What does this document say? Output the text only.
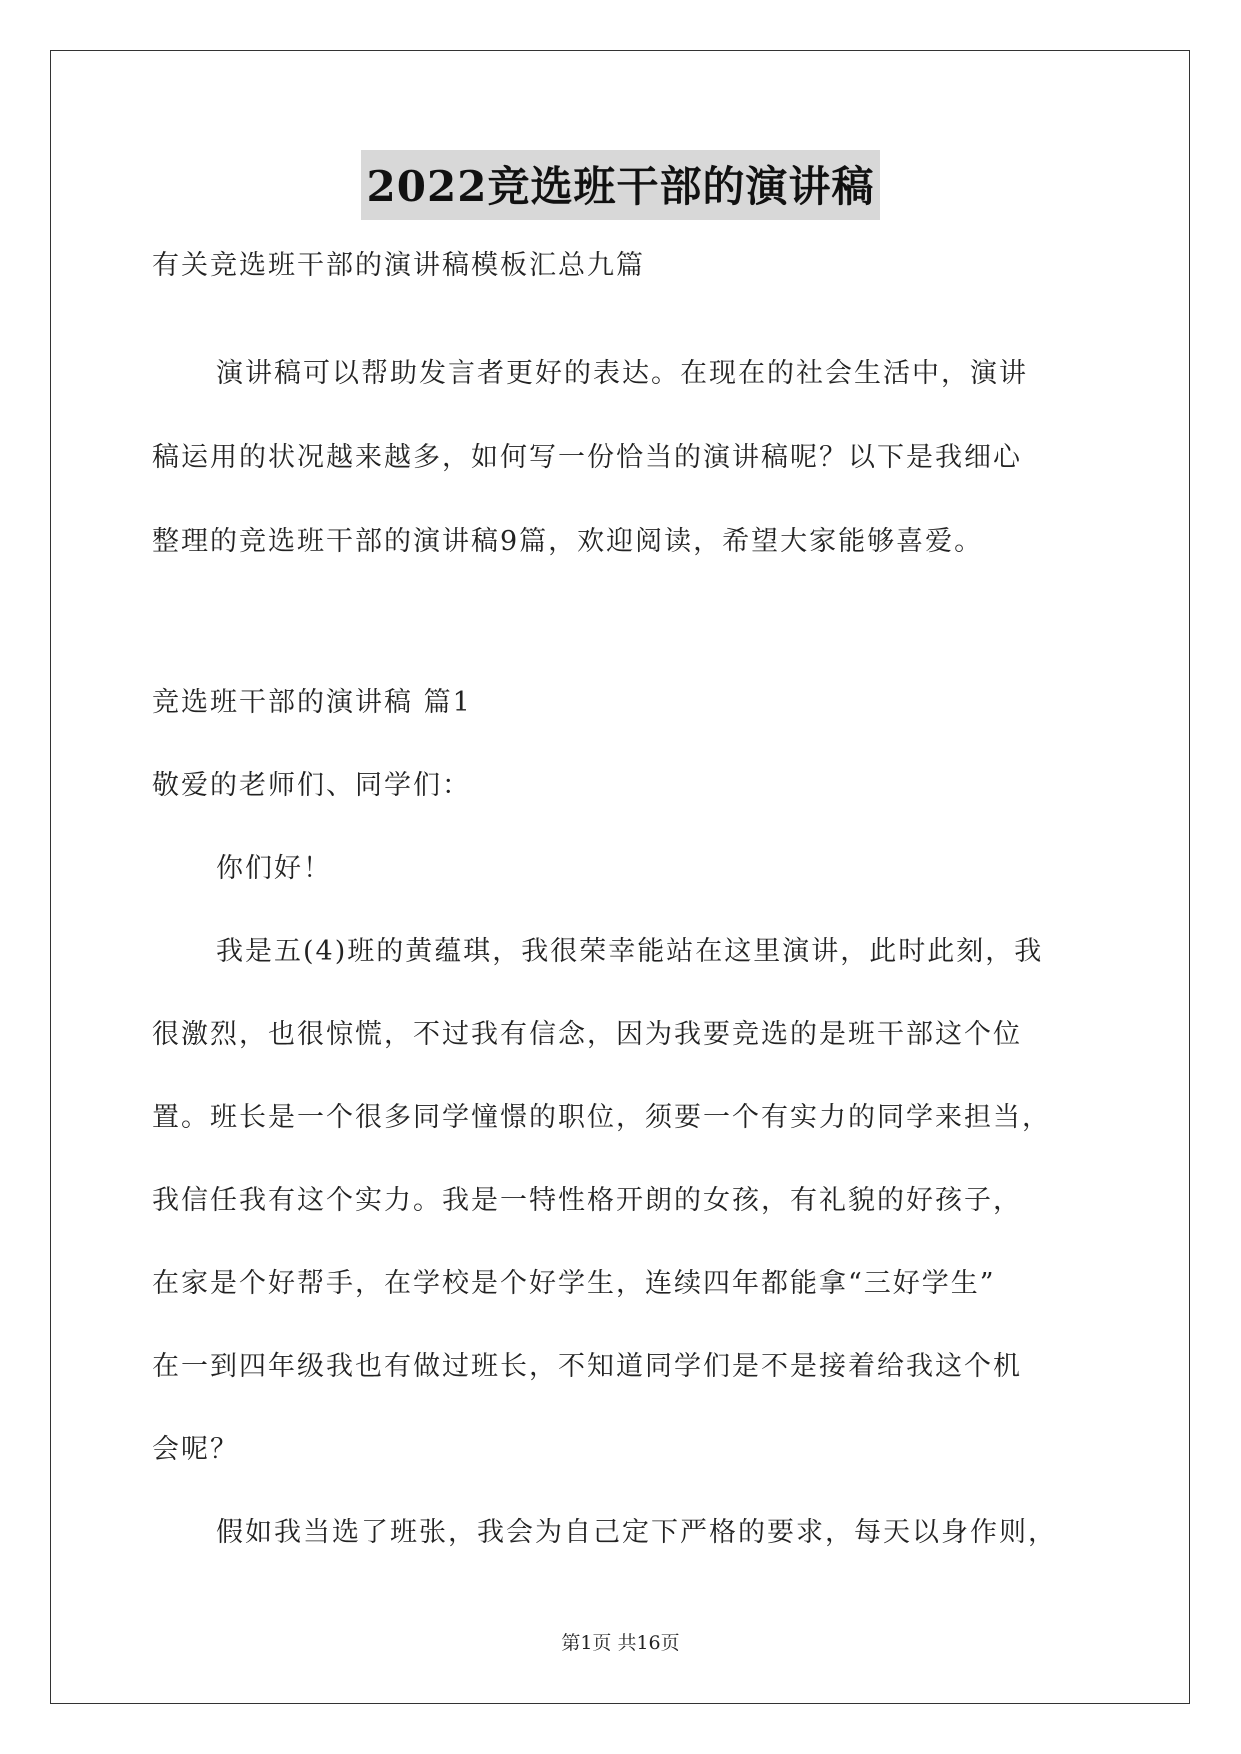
2022竞选班干部的演讲稿
有关竞选班干部的演讲稿模板汇总九篇
演讲稿可以帮助发言者更好的表达。在现在的社会生活中，演讲
稿运用的状况越来越多，如何写一份恰当的演讲稿呢？以下是我细心
整理的竞选班干部的演讲稿9篇，欢迎阅读，希望大家能够喜爱。
竞选班干部的演讲稿 篇1
敬爱的老师们、同学们：
你们好！
我是五(4)班的黄蕴琪，我很荣幸能站在这里演讲，此时此刻，我
很激烈，也很惊慌，不过我有信念，因为我要竞选的是班干部这个位
置。班长是一个很多同学憧憬的职位，须要一个有实力的同学来担当，
我信任我有这个实力。我是一特性格开朗的女孩，有礼貌的好孩子，
在家是个好帮手，在学校是个好学生，连续四年都能拿“三好学生”
在一到四年级我也有做过班长，不知道同学们是不是接着给我这个机
会呢？
假如我当选了班张，我会为自己定下严格的要求，每天以身作则，
第1页 共16页
